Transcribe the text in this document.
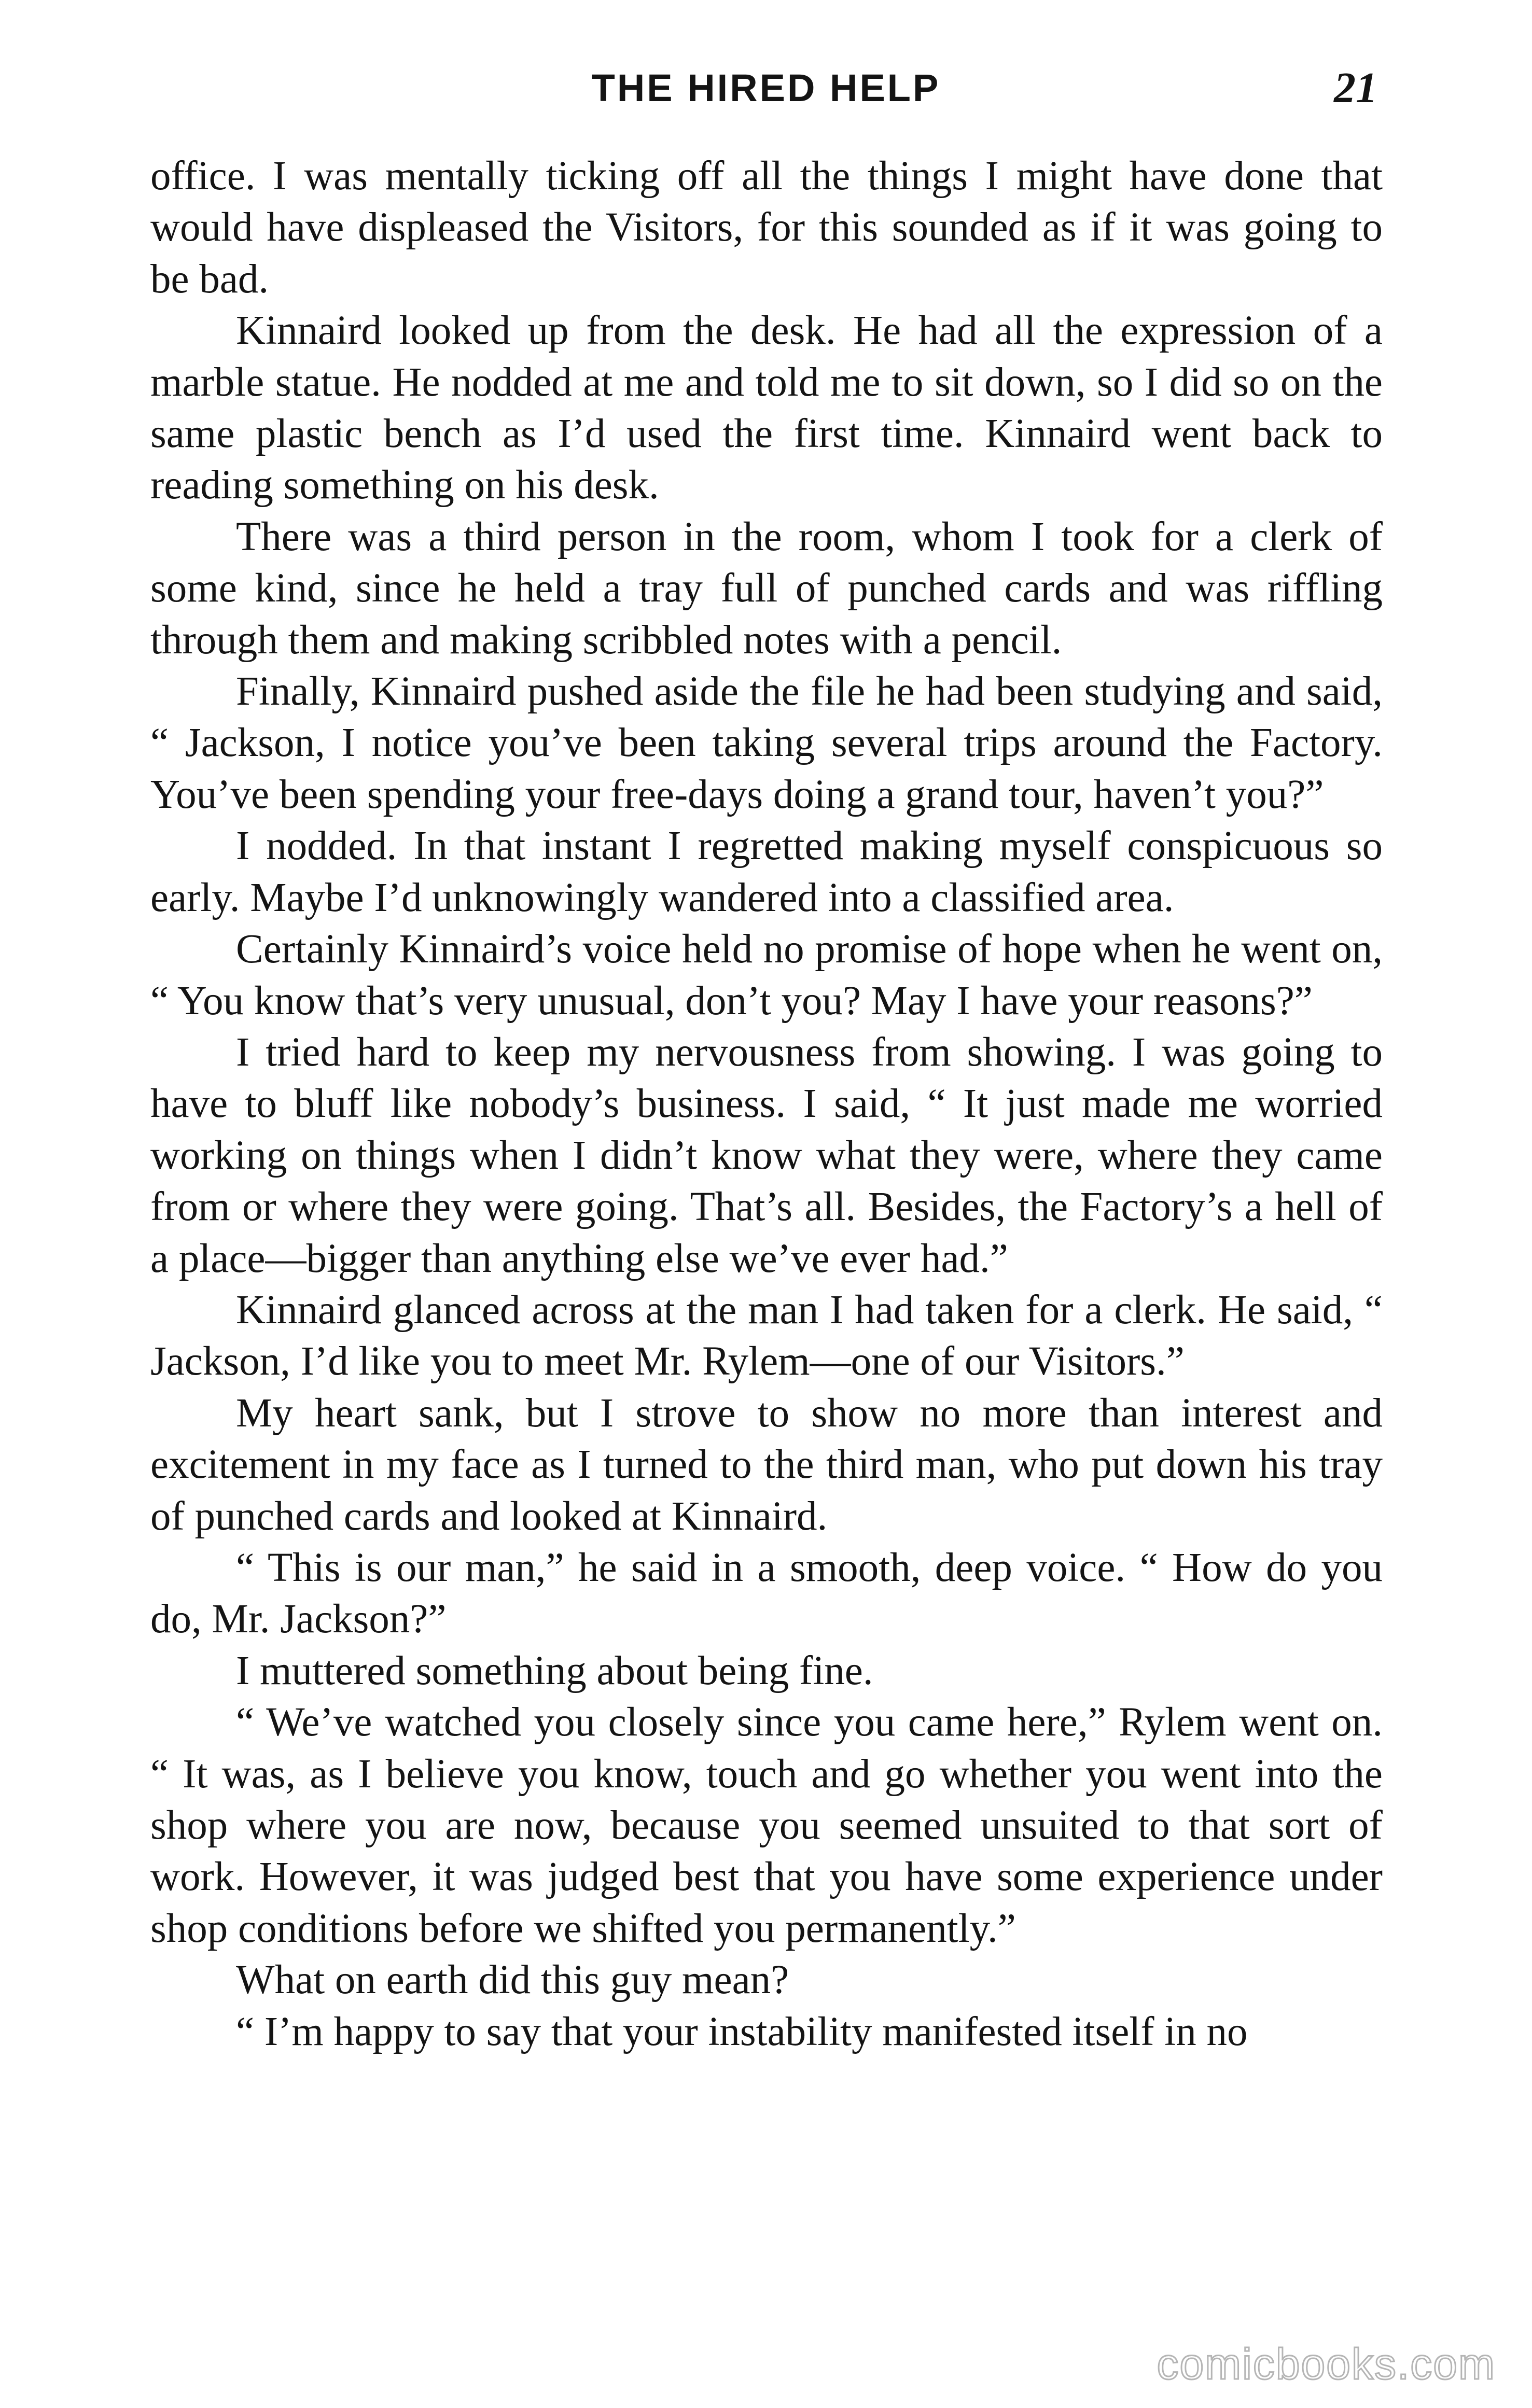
THE HIRED HELP	21

office. I was mentally ticking off all the things I might have done that would have displeased the Visitors, for this sounded as if it was going to be bad.

Kinnaird looked up from the desk. He had all the expression of a marble statue. He nodded at me and told me to sit down, so I did so on the same plastic bench as I’d used the first time. Kinnaird went back to reading something on his desk.

There was a third person in the room, whom I took for a clerk of some kind, since he held a tray full of punched cards and was riffling through them and making scribbled notes with a pencil.

Finally, Kinnaird pushed aside the file he had been studying and said, “ Jackson, I notice you’ve been taking several trips around the Factory. You’ve been spending your free-days doing a grand tour, haven’t you?”

I nodded. In that instant I regretted making myself conspicuous so early. Maybe I’d unknowingly wandered into a classified area.

Certainly Kinnaird’s voice held no promise of hope when he went on, “ You know that’s very unusual, don’t you? May I have your reasons?”

I tried hard to keep my nervousness from showing. I was going to have to bluff like nobody’s business. I said, “ It just made me worried working on things when I didn’t know what they were, where they came from or where they were going. That’s all. Besides, the Factory’s a hell of a place—bigger than anything else we’ve ever had.”

Kinnaird glanced across at the man I had taken for a clerk. He said, “ Jackson, I’d like you to meet Mr. Rylem—one of our Visitors.”

My heart sank, but I strove to show no more than interest and excitement in my face as I turned to the third man, who put down his tray of punched cards and looked at Kinnaird.

“ This is our man,” he said in a smooth, deep voice. “ How do you do, Mr. Jackson?”

I muttered something about being fine.

“ We’ve watched you closely since you came here,” Rylem went on. “ It was, as I believe you know, touch and go whether you went into the shop where you are now, because you seemed unsuited to that sort of work. However, it was judged best that you have some experience under shop conditions before we shifted you permanently.”

What on earth did this guy mean?

“ I’m happy to say that your instability manifested itself in no

comicbooks.com
